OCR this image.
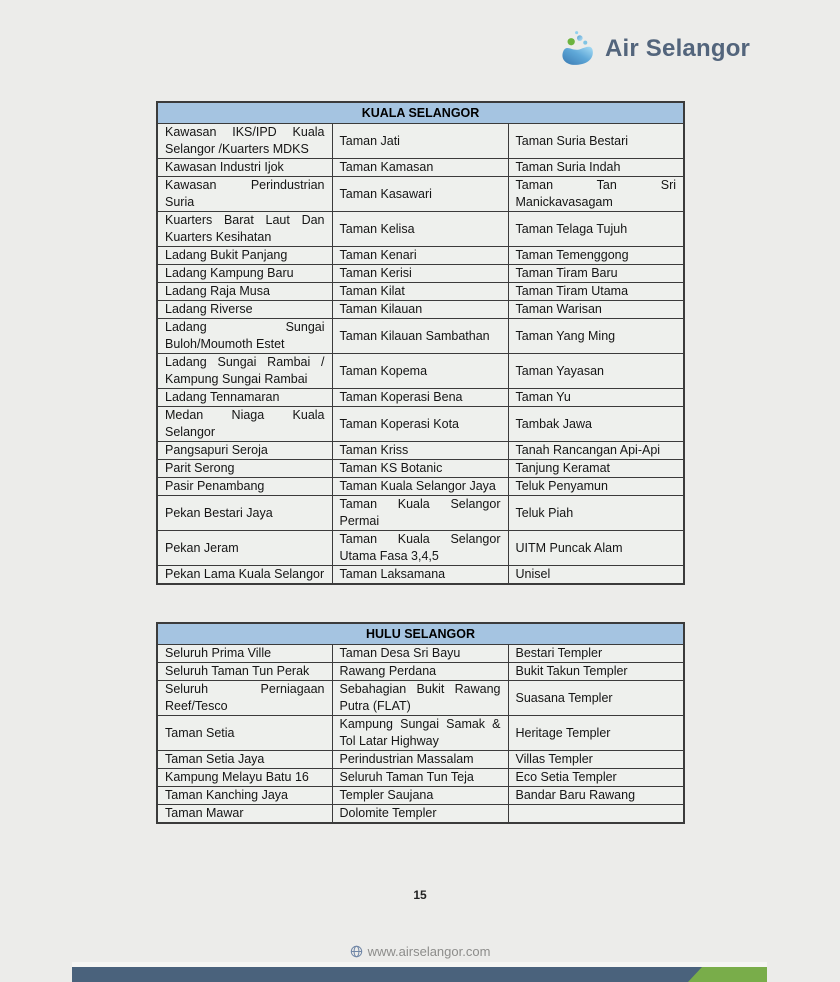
Air Selangor
KUALA SELANGOR		
Kawasan IKS/IPD Kuala Selangor /Kuarters MDKS	Taman Jati	Taman Suria Bestari
Kawasan Industri Ijok	Taman Kamasan	Taman Suria Indah
Kawasan Perindustrian Suria	Taman Kasawari	Taman Tan Sri Manickavasagam
Kuarters Barat Laut Dan Kuarters Kesihatan	Taman Kelisa	Taman Telaga Tujuh
Ladang Bukit Panjang	Taman Kenari	Taman Temenggong
Ladang Kampung Baru	Taman Kerisi	Taman Tiram Baru
Ladang Raja Musa	Taman Kilat	Taman Tiram Utama
Ladang Riverse	Taman Kilauan	Taman Warisan
Ladang Sungai Buloh/Moumoth Estet	Taman Kilauan Sambathan	Taman Yang Ming
Ladang Sungai Rambai / Kampung Sungai Rambai	Taman Kopema	Taman Yayasan
Ladang Tennamaran	Taman Koperasi Bena	Taman Yu
Medan Niaga Kuala Selangor	Taman Koperasi Kota	Tambak Jawa
Pangsapuri Seroja	Taman Kriss	Tanah Rancangan Api-Api
Parit Serong	Taman KS Botanic	Tanjung Keramat
Pasir Penambang	Taman Kuala Selangor Jaya	Teluk Penyamun
Pekan Bestari Jaya	Taman Kuala Selangor Permai	Teluk Piah
Pekan Jeram	Taman Kuala Selangor Utama Fasa 3,4,5	UITM Puncak Alam
Pekan Lama Kuala Selangor	Taman Laksamana	Unisel
HULU SELANGOR		
Seluruh Prima Ville	Taman Desa Sri Bayu	Bestari Templer
Seluruh Taman Tun Perak	Rawang Perdana	Bukit Takun Templer
Seluruh Perniagaan Reef/Tesco	Sebahagian Bukit Rawang Putra (FLAT)	Suasana Templer
Taman Setia	Kampung Sungai Samak & Tol Latar Highway	Heritage Templer
Taman Setia Jaya	Perindustrian Massalam	Villas Templer
Kampung Melayu Batu 16	Seluruh Taman Tun Teja	Eco Setia Templer
Taman Kanching Jaya	Templer Saujana	Bandar Baru Rawang
Taman Mawar	Dolomite Templer	
15
www.airselangor.com
